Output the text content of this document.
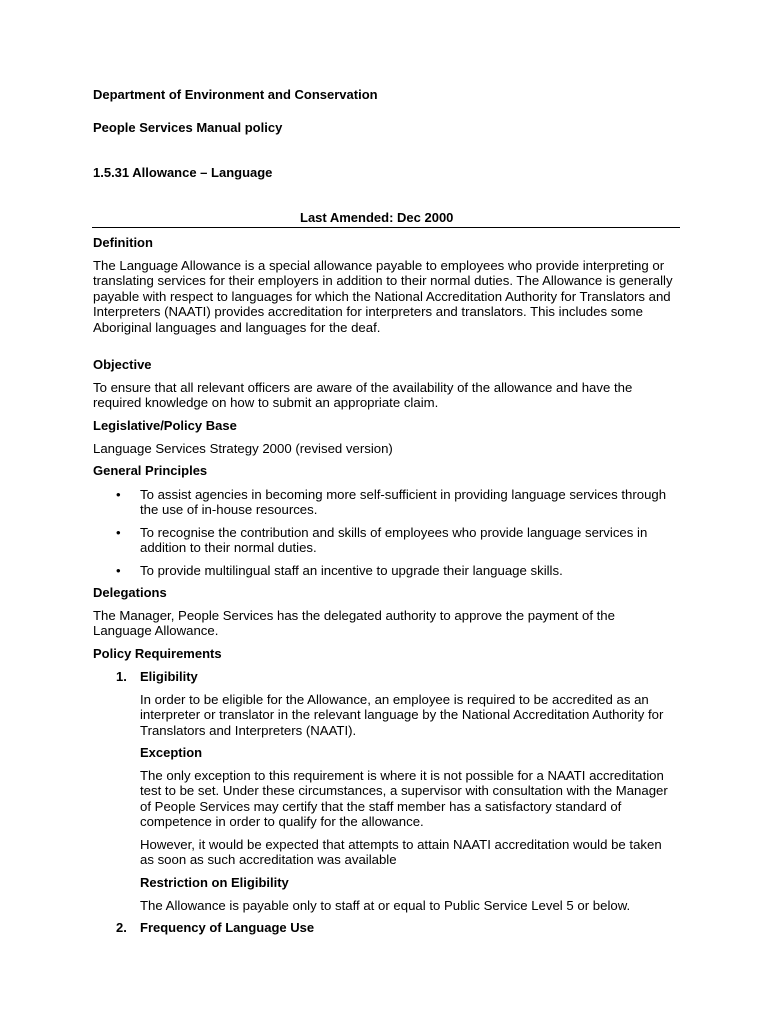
Department of Environment and Conservation

People Services Manual policy

1.5.31 Allowance – Language

Last Amended: Dec 2000

Definition

The Language Allowance is a special allowance payable to employees who provide interpreting or translating services for their employers in addition to their normal duties. The Allowance is generally payable with respect to languages for which the National Accreditation Authority for Translators and Interpreters (NAATI) provides accreditation for interpreters and translators. This includes some Aboriginal languages and languages for the deaf.

Objective

To ensure that all relevant officers are aware of the availability of the allowance and have the required knowledge on how to submit an appropriate claim.

Legislative/Policy Base

Language Services Strategy 2000 (revised version)

General Principles

• To assist agencies in becoming more self-sufficient in providing language services through the use of in-house resources.

• To recognise the contribution and skills of employees who provide language services in addition to their normal duties.

• To provide multilingual staff an incentive to upgrade their language skills.

Delegations

The Manager, People Services has the delegated authority to approve the payment of the Language Allowance.

Policy Requirements

1. Eligibility

In order to be eligible for the Allowance, an employee is required to be accredited as an interpreter or translator in the relevant language by the National Accreditation Authority for Translators and Interpreters (NAATI).

Exception

The only exception to this requirement is where it is not possible for a NAATI accreditation test to be set. Under these circumstances, a supervisor with consultation with the Manager of People Services may certify that the staff member has a satisfactory standard of competence in order to qualify for the allowance.

However, it would be expected that attempts to attain NAATI accreditation would be taken as soon as such accreditation was available

Restriction on Eligibility

The Allowance is payable only to staff at or equal to Public Service Level 5 or below.

2. Frequency of Language Use
